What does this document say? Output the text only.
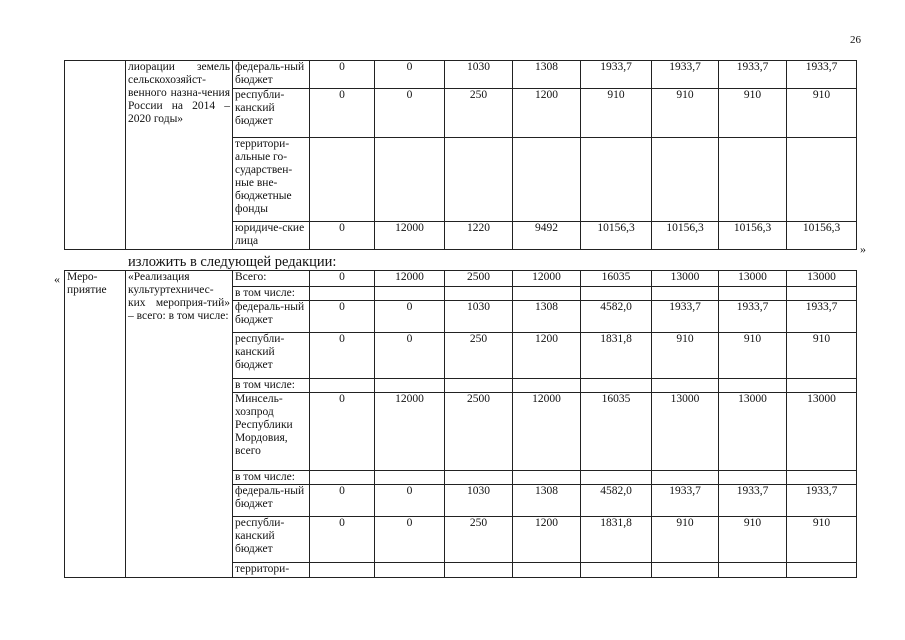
26
	лиорации земель сельскохозяйст-венного назна-чения России на 2014 – 2020 годы»	федераль-ный бюджет	0	0	1030	1308	1933,7	1933,7	1933,7	1933,7
		республи-канский бюджет	0	0	250	1200	910	910	910	910
		территори-альные го-сударствен-ные вне-бюджетные фонды								
		юридиче-ские лица	0	12000	1220	9492	10156,3	10156,3	10156,3	10156,3
»
изложить в следующей редакции:
« Меро-приятие	«Реализация культуртехничес-ких мероприя-тий» – всего: в том числе:	Всего:	0	12000	2500	12000	16035	13000	13000	13000
		в том числе:								
		федераль-ный бюджет	0	0	1030	1308	4582,0	1933,7	1933,7	1933,7
		республи-канский бюджет	0	0	250	1200	1831,8	910	910	910
		в том числе:								
		Минсель-хозпрод Республики Мордовия, всего	0	12000	2500	12000	16035	13000	13000	13000
		в том числе:								
		федераль-ный бюджет	0	0	1030	1308	4582,0	1933,7	1933,7	1933,7
		республи-канский бюджет	0	0	250	1200	1831,8	910	910	910
		территори-								
